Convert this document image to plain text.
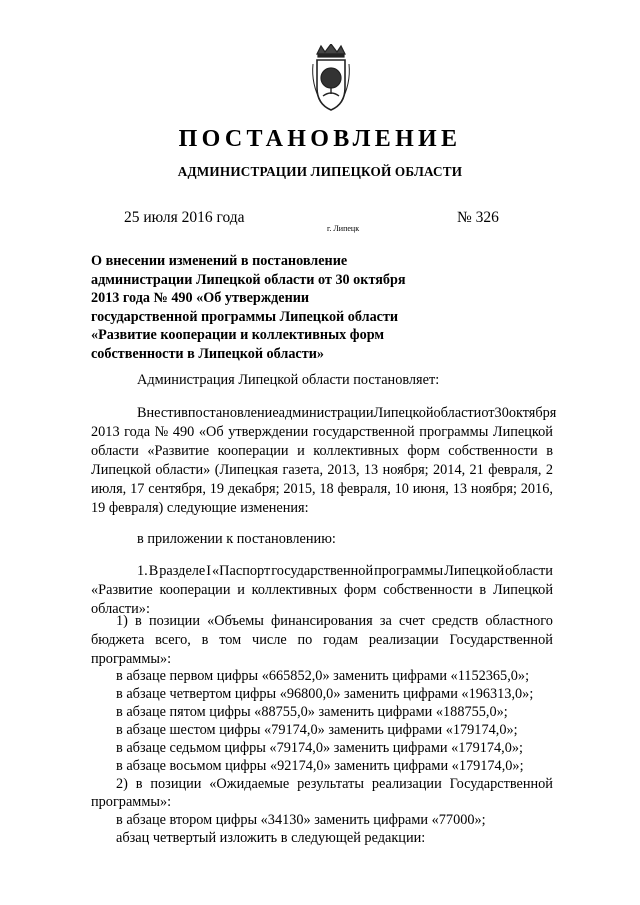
ПОСТАНОВЛЕНИЕ
АДМИНИСТРАЦИИ ЛИПЕЦКОЙ ОБЛАСТИ
25 июля 2016 года
г. Липецк
№ 326
О внесении изменений в постановление
администрации Липецкой области от 30 октября
2013 года № 490 «Об утверждении
государственной программы Липецкой области
«Развитие кооперации и коллективных форм
собственности в Липецкой области»
Администрация Липецкой области постановляет:
Внести в постановление администрации Липецкой области от 30 октября
2013 года № 490 «Об утверждении государственной программы Липецкой
области «Развитие кооперации и коллективных форм собственности в
Липецкой области» (Липецкая газета, 2013, 13 ноября; 2014, 21 февраля, 2
июля, 17 сентября, 19 декабря; 2015, 18 февраля, 10 июня, 13 ноября; 2016,
19 февраля) следующие изменения:
в приложении к постановлению:
1. В разделе I «Паспорт государственной программы Липецкой области
«Развитие кооперации и коллективных форм собственности в Липецкой
области»:
1) в позиции «Объемы финансирования за счет средств областного
бюджета всего, в том числе по годам реализации Государственной
программы»:
в абзаце первом цифры «665852,0» заменить цифрами «1152365,0»;
в абзаце четвертом цифры «96800,0» заменить цифрами «196313,0»;
в абзаце пятом цифры «88755,0» заменить цифрами «188755,0»;
в абзаце шестом цифры «79174,0» заменить цифрами «179174,0»;
в абзаце седьмом цифры «79174,0» заменить цифрами «179174,0»;
в абзаце восьмом цифры «92174,0» заменить цифрами «179174,0»;
2) в позиции «Ожидаемые результаты реализации Государственной
программы»:
в абзаце втором цифры «34130» заменить цифрами «77000»;
абзац четвертый изложить в следующей редакции:
